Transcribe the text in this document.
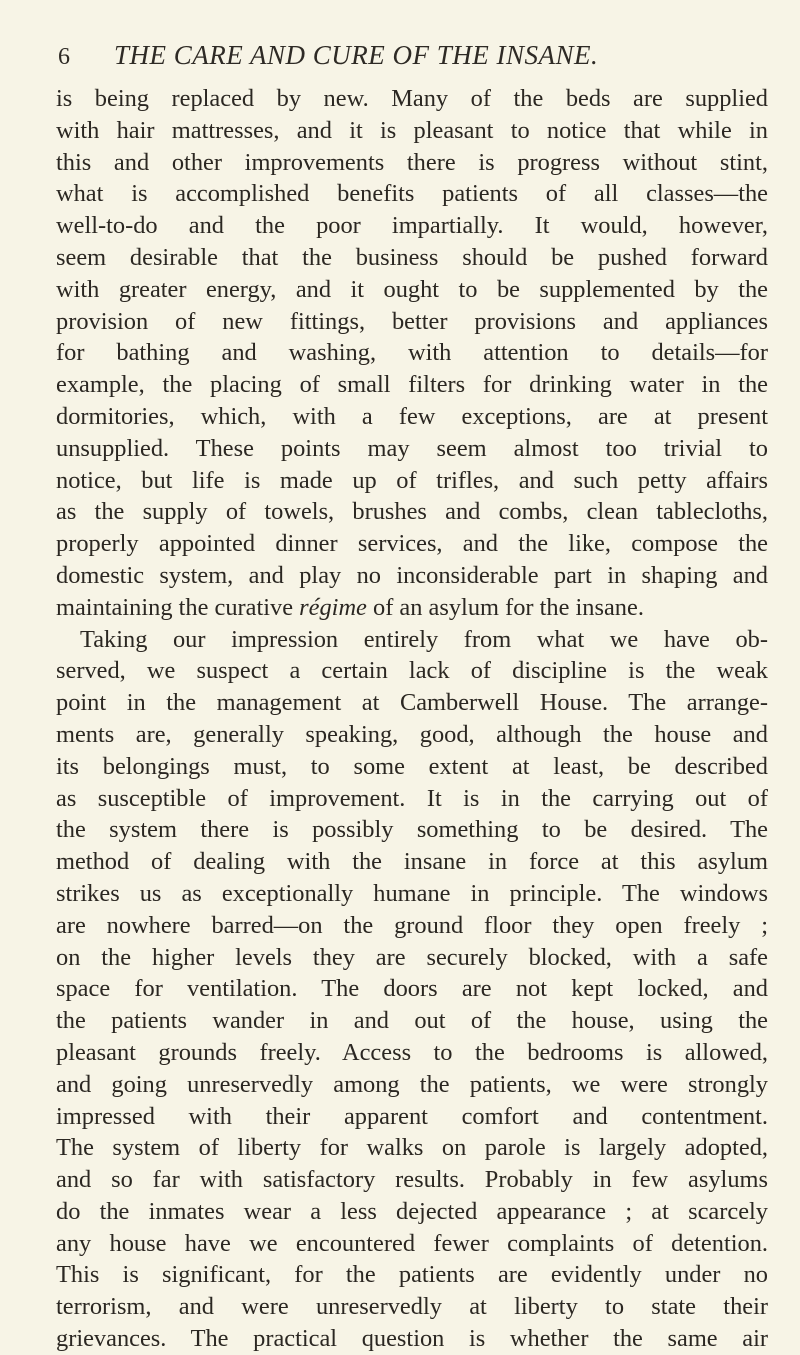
6 THE CARE AND CURE OF THE INSANE.
is being replaced by new. Many of the beds are supplied
with hair mattresses, and it is pleasant to notice that while in
this and other improvements there is progress without stint,
what is accomplished benefits patients of all classes—the
well-to-do and the poor impartially. It would, however,
seem desirable that the business should be pushed forward
with greater energy, and it ought to be supplemented by the
provision of new fittings, better provisions and appliances
for bathing and washing, with attention to details—for
example, the placing of small filters for drinking water in the
dormitories, which, with a few exceptions, are at present
unsupplied. These points may seem almost too trivial to
notice, but life is made up of trifles, and such petty affairs
as the supply of towels, brushes and combs, clean tablecloths,
properly appointed dinner services, and the like, compose the
domestic system, and play no inconsiderable part in shaping and
maintaining the curative régime of an asylum for the insane.
Taking our impression entirely from what we have ob-
served, we suspect a certain lack of discipline is the weak
point in the management at Camberwell House. The arrange-
ments are, generally speaking, good, although the house and
its belongings must, to some extent at least, be described
as susceptible of improvement. It is in the carrying out of
the system there is possibly something to be desired. The
method of dealing with the insane in force at this asylum
strikes us as exceptionally humane in principle. The windows
are nowhere barred—on the ground floor they open freely ;
on the higher levels they are securely blocked, with a safe
space for ventilation. The doors are not kept locked, and
the patients wander in and out of the house, using the
pleasant grounds freely. Access to the bedrooms is allowed,
and going unreservedly among the patients, we were strongly
impressed with their apparent comfort and contentment.
The system of liberty for walks on parole is largely adopted,
and so far with satisfactory results. Probably in few asylums
do the inmates wear a less dejected appearance ; at scarcely
any house have we encountered fewer complaints of detention.
This is significant, for the patients are evidently under no
terrorism, and were unreservedly at liberty to state their
grievances. The practical question is whether the same air
